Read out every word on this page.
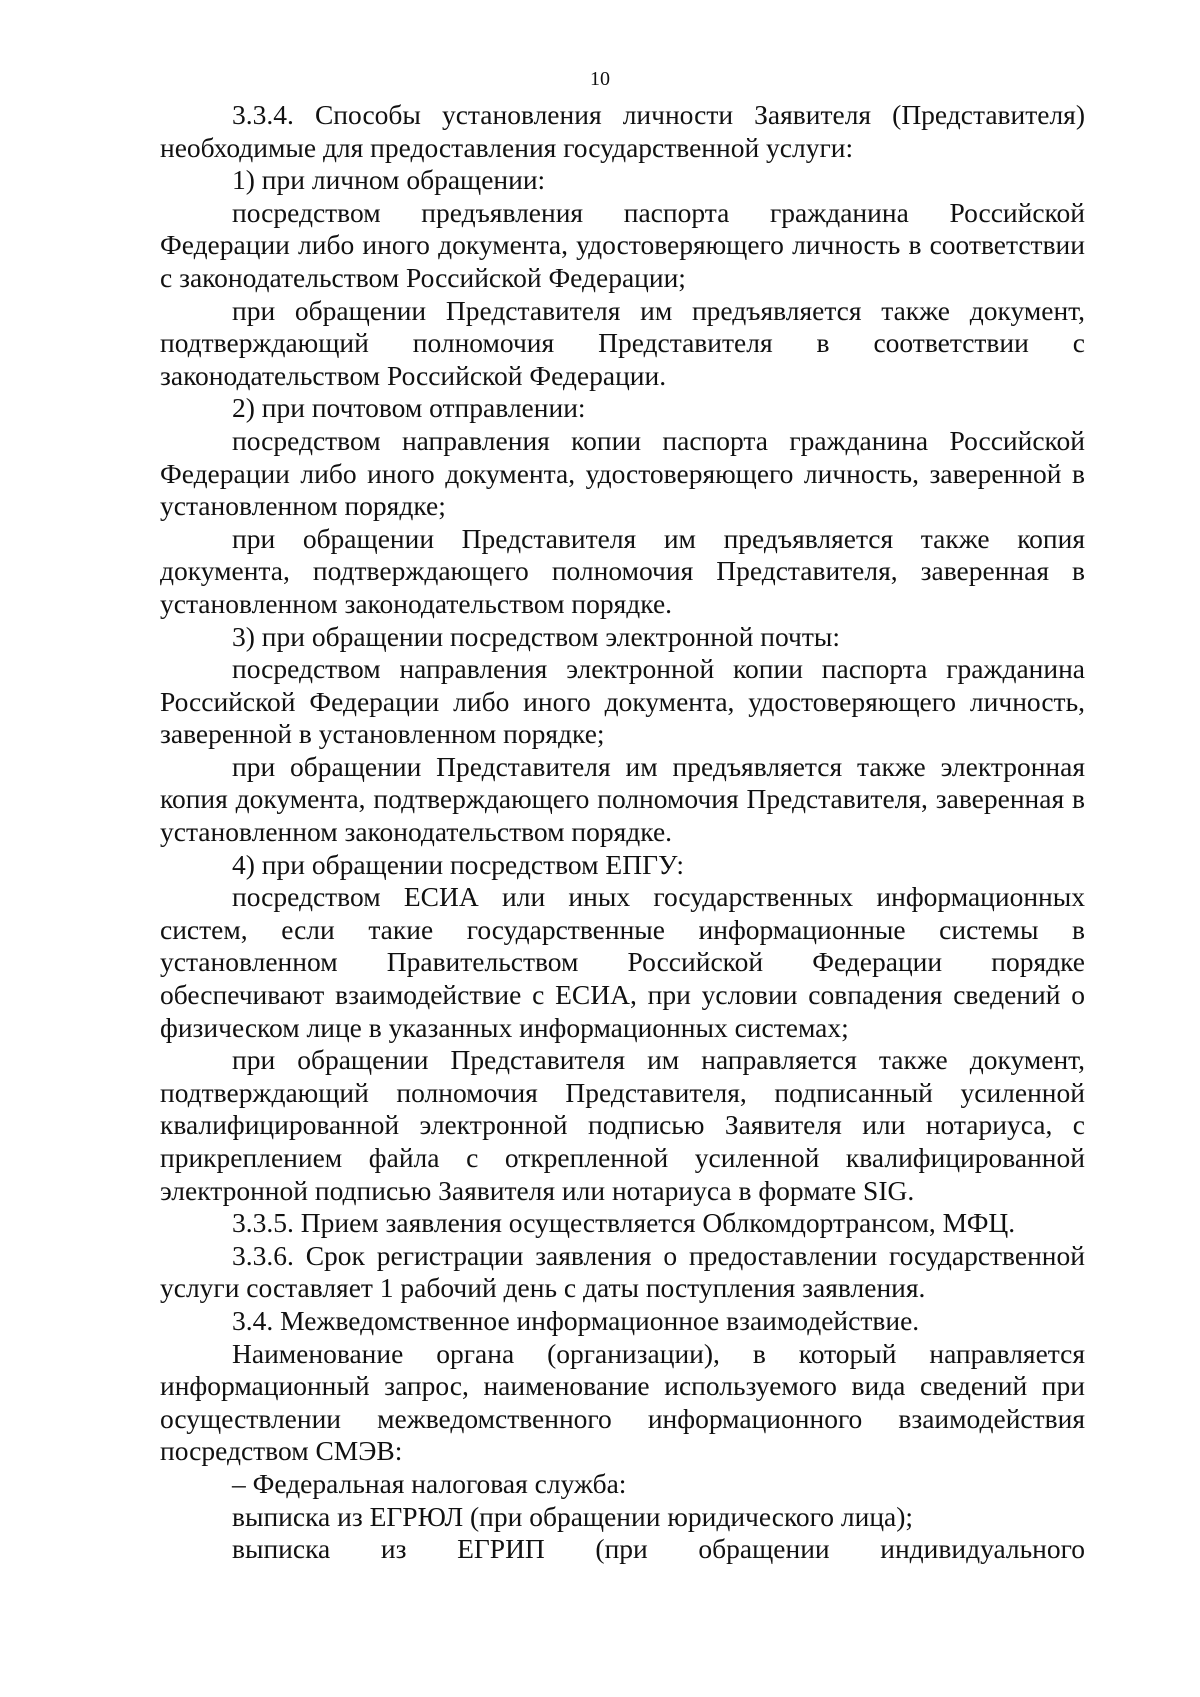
10

3.3.4. Способы установления личности Заявителя (Представителя) необходимые для предоставления государственной услуги:

1) при личном обращении:

посредством предъявления паспорта гражданина Российской Федерации либо иного документа, удостоверяющего личность в соответствии с законодательством Российской Федерации;

при обращении Представителя им предъявляется также документ, подтверждающий полномочия Представителя в соответствии с законодательством Российской Федерации.

2) при почтовом отправлении:

посредством направления копии паспорта гражданина Российской Федерации либо иного документа, удостоверяющего личность, заверенной в установленном порядке;

при обращении Представителя им предъявляется также копия документа, подтверждающего полномочия Представителя, заверенная в установленном законодательством порядке.

3) при обращении посредством электронной почты:

посредством направления электронной копии паспорта гражданина Российской Федерации либо иного документа, удостоверяющего личность, заверенной в установленном порядке;

при обращении Представителя им предъявляется также электронная копия документа, подтверждающего полномочия Представителя, заверенная в установленном законодательством порядке.

4) при обращении посредством ЕПГУ:

посредством ЕСИА или иных государственных информационных систем, если такие государственные информационные системы в установленном Правительством Российской Федерации порядке обеспечивают взаимодействие с ЕСИА, при условии совпадения сведений о физическом лице в указанных информационных системах;

при обращении Представителя им направляется также документ, подтверждающий полномочия Представителя, подписанный усиленной квалифицированной электронной подписью Заявителя или нотариуса, с прикреплением файла с открепленной усиленной квалифицированной электронной подписью Заявителя или нотариуса в формате SIG.

3.3.5. Прием заявления осуществляется Облкомдортрансом, МФЦ.

3.3.6. Срок регистрации заявления о предоставлении государственной услуги составляет 1 рабочий день с даты поступления заявления.

3.4. Межведомственное информационное взаимодействие.

Наименование органа (организации), в который направляется информационный запрос, наименование используемого вида сведений при осуществлении межведомственного информационного взаимодействия посредством СМЭВ:

– Федеральная налоговая служба:

выписка из ЕГРЮЛ (при обращении юридического лица);

выписка из ЕГРИП (при обращении индивидуального
